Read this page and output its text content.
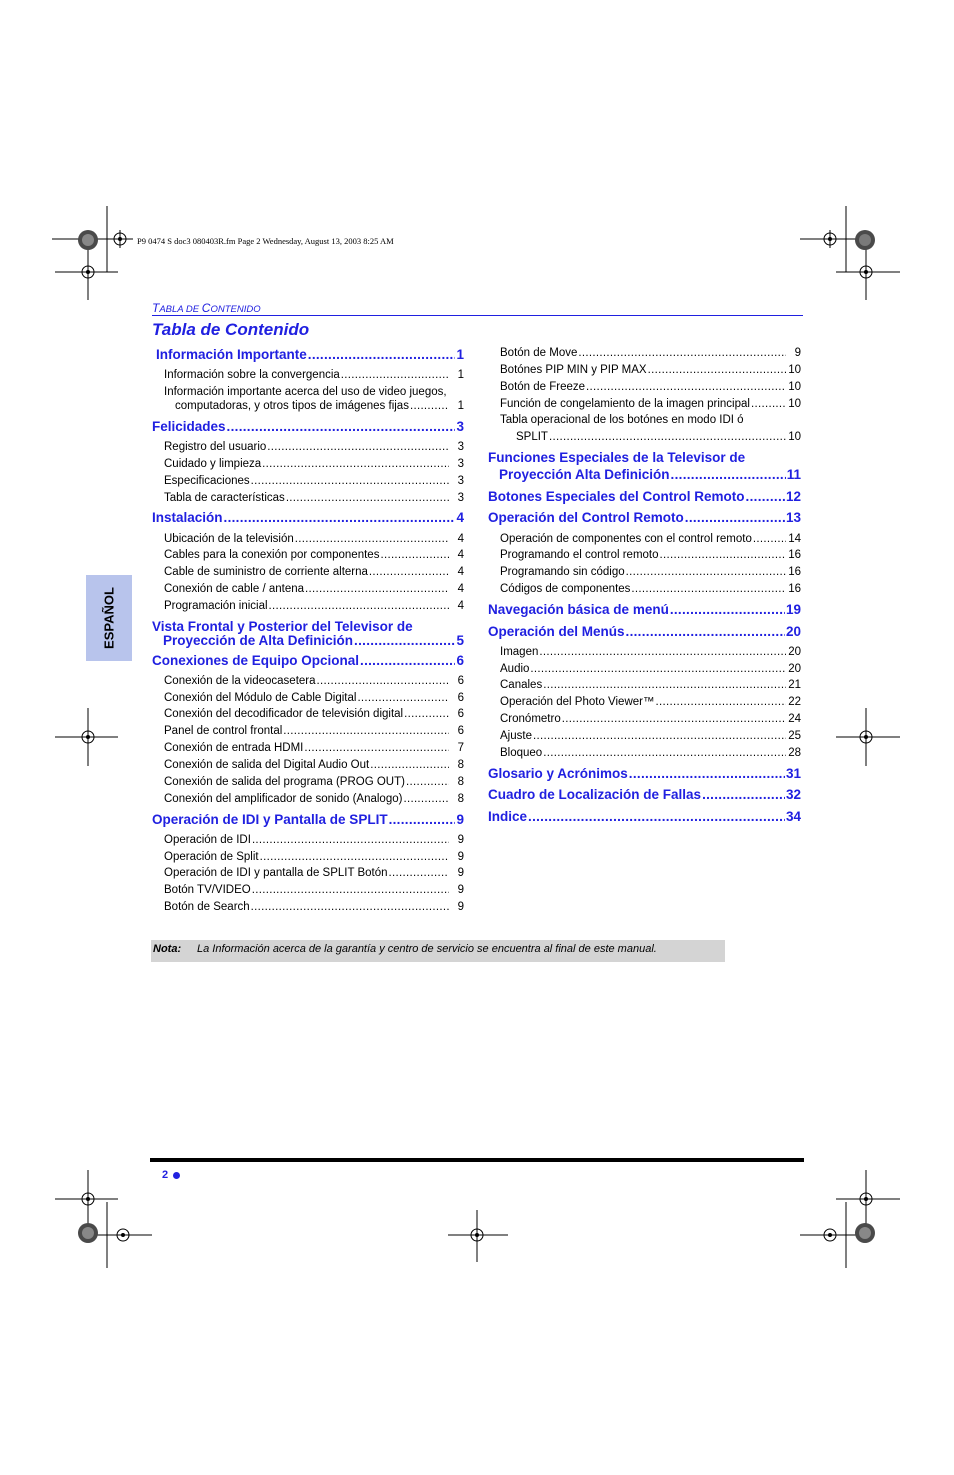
P9 0474 S doc3 080403R.fm Page 2 Wednesday, August 13, 2003 8:25 AM
TABLA DE CONTENIDO
Tabla de Contenido
ESPAÑOL
Información Importante .....	1
Información sobre la convergencia .....	1
Información importante acerca del uso de video juegos,
computadoras, y otros tipos de imágenes fijas .....	1
Felicidades .....	3
Registro del usuario .....	3
Cuidado y limpieza .....	3
Especificaciones .....	3
Tabla de características .....	3
Instalación .....	4
Ubicación de la televisión .....	4
Cables para la conexión por componentes .....	4
Cable de suministro de corriente alterna .....	4
Conexión de cable / antena .....	4
Programación inicial .....	4
Vista Frontal y Posterior del Televisor de
Proyección de Alta Definición .....	5
Conexiones de Equipo Opcional .....	6
Conexión de la videocasetera .....	6
Conexión del Módulo de Cable Digital .....	6
Conexión del decodificador de televisión digital .....	6
Panel de control frontal .....	6
Conexión de entrada HDMI .....	7
Conexión de salida del Digital Audio Out .....	8
Conexión de salida del programa (PROG OUT) .....	8
Conexión del amplificador de sonido (Analogo) .....	8
Operación de IDI y Pantalla de SPLIT .....	9
Operación de IDI .....	9
Operación de Split .....	9
Operación de IDI y pantalla de SPLIT Botón .....	9
Botón TV/VIDEO .....	9
Botón de Search .....	9
Botón de Move .....	9
Botónes PIP MIN y PIP MAX .....	10
Botón de Freeze .....	10
Función de congelamiento de la imagen principal .....	10
Tabla operacional de los botónes en modo IDI ó
SPLIT .....	10
Funciones Especiales de la Televisor de
Proyección Alta Definición .....	11
Botones Especiales del Control Remoto .....	12
Operación del Control Remoto .....	13
Operación de componentes con el control remoto .....	14
Programando el control remoto .....	16
Programando sin código .....	16
Códigos de componentes .....	16
Navegación básica de menú .....	19
Operación del Menús .....	20
Imagen .....	20
Audio .....	20
Canales .....	21
Operación del Photo Viewer™ .....	22
Cronómetro .....	24
Ajuste .....	25
Bloqueo .....	28
Glosario y Acrónimos .....	31
Cuadro de Localización de Fallas .....	32
Indice .....	34
Nota: La Información acerca de la garantía y centro de servicio se encuentra al final de este manual.
2
